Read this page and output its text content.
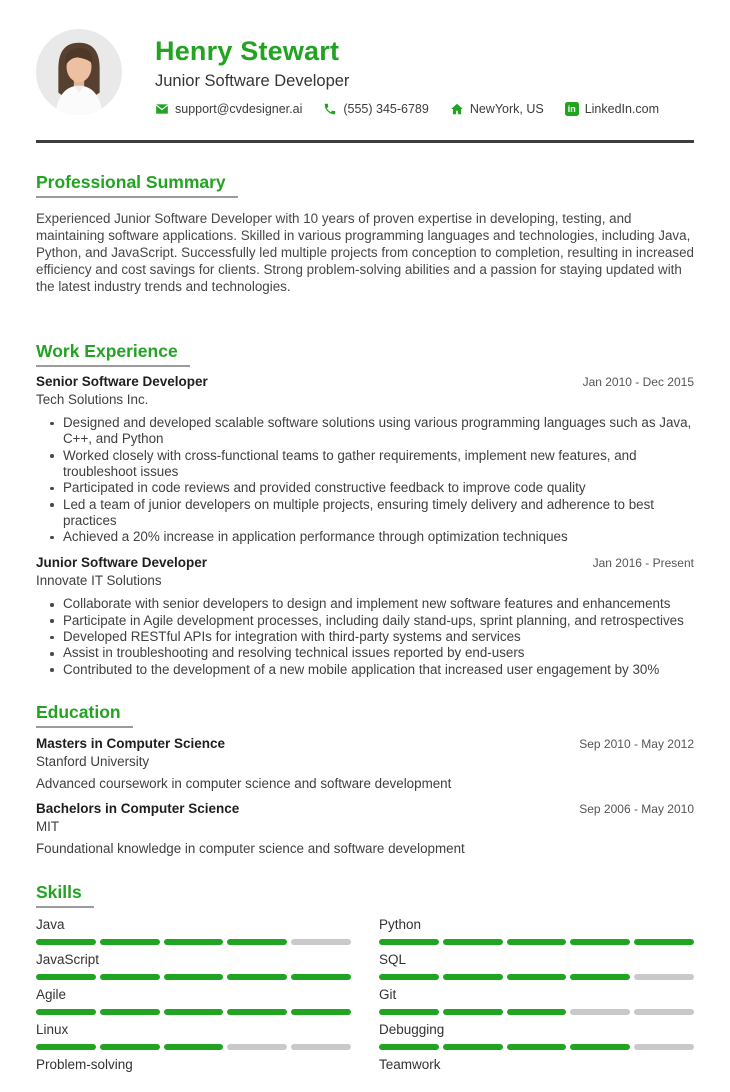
Henry Stewart
Junior Software Developer
support@cvdesigner.ai	(555) 345-6789	NewYork, US	in LinkedIn.com
Professional Summary

Experienced Junior Software Developer with 10 years of proven expertise in developing, testing, and maintaining software applications. Skilled in various programming languages and technologies, including Java, Python, and JavaScript. Successfully led multiple projects from conception to completion, resulting in increased efficiency and cost savings for clients. Strong problem-solving abilities and a passion for staying updated with the latest industry trends and technologies.

Work Experience
Senior Software Developer	Jan 2010 - Dec 2015
Tech Solutions Inc.
Designed and developed scalable software solutions using various programming languages such as Java, C++, and Python
Worked closely with cross-functional teams to gather requirements, implement new features, and troubleshoot issues
Participated in code reviews and provided constructive feedback to improve code quality
Led a team of junior developers on multiple projects, ensuring timely delivery and adherence to best practices
Achieved a 20% increase in application performance through optimization techniques
Junior Software Developer	Jan 2016 - Present
Innovate IT Solutions
Collaborate with senior developers to design and implement new software features and enhancements
Participate in Agile development processes, including daily stand-ups, sprint planning, and retrospectives
Developed RESTful APIs for integration with third-party systems and services
Assist in troubleshooting and resolving technical issues reported by end-users
Contributed to the development of a new mobile application that increased user engagement by 30%
Education
Masters in Computer Science	Sep 2010 - May 2012
Stanford University
Advanced coursework in computer science and software development
Bachelors in Computer Science	Sep 2006 - May 2010
MIT
Foundational knowledge in computer science and software development
Skills
Java	Python
JavaScript	SQL
Agile	Git
Linux	Debugging
Problem-solving	Teamwork
